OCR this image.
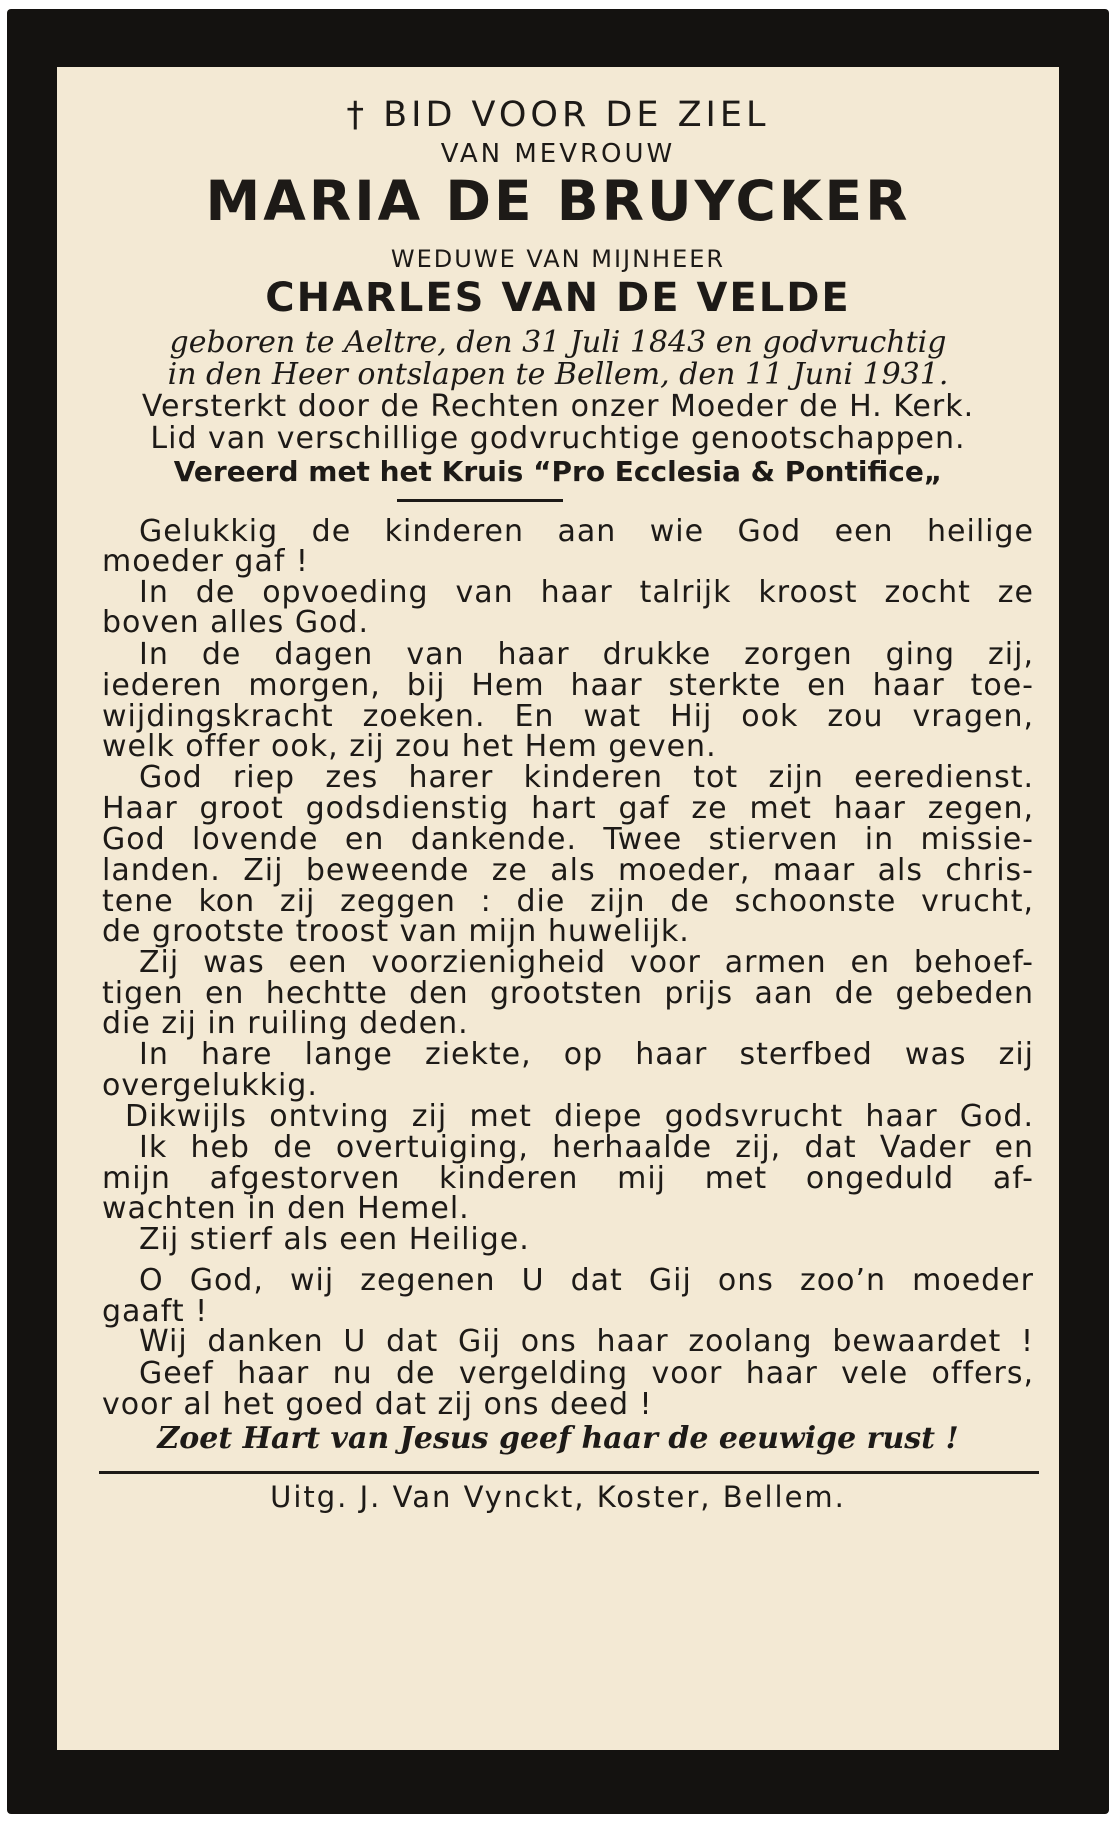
† BID VOOR DE ZIEL
VAN MEVROUW
MARIA DE BRUYCKER
WEDUWE VAN MIJNHEER
CHARLES VAN DE VELDE
geboren te Aeltre, den 31 Juli 1843 en godvruchtig
in den Heer ontslapen te Bellem, den 11 Juni 1931.
Versterkt door de Rechten onzer Moeder de H. Kerk.
Lid van verschillige godvruchtige genootschappen.
Vereerd met het Kruis “Pro Ecclesia & Pontifice„
Gelukkig de kinderen aan wie God een heilige
moeder gaf !
In de opvoeding van haar talrijk kroost zocht ze
boven alles God.
In de dagen van haar drukke zorgen ging zij,
iederen morgen, bij Hem haar sterkte en haar toe-
wijdingskracht zoeken. En wat Hij ook zou vragen,
welk offer ook, zij zou het Hem geven.
God riep zes harer kinderen tot zijn eeredienst.
Haar groot godsdienstig hart gaf ze met haar zegen,
God lovende en dankende. Twee stierven in missie-
landen. Zij beweende ze als moeder, maar als chris-
tene kon zij zeggen : die zijn de schoonste vrucht,
de grootste troost van mijn huwelijk.
Zij was een voorzienigheid voor armen en behoef-
tigen en hechtte den grootsten prijs aan de gebeden
die zij in ruiling deden.
In hare lange ziekte, op haar sterfbed was zij
overgelukkig.
Dikwijls ontving zij met diepe godsvrucht haar God.
Ik heb de overtuiging, herhaalde zij, dat Vader en
mijn afgestorven kinderen mij met ongeduld af-
wachten in den Hemel.
Zij stierf als een Heilige.
O God, wij zegenen U dat Gij ons zoo’n moeder
gaaft !
Wij danken U dat Gij ons haar zoolang bewaardet !
Geef haar nu de vergelding voor haar vele offers,
voor al het goed dat zij ons deed !
Zoet Hart van Jesus geef haar de eeuwige rust !
Uitg. J. Van Vynckt, Koster, Bellem.
